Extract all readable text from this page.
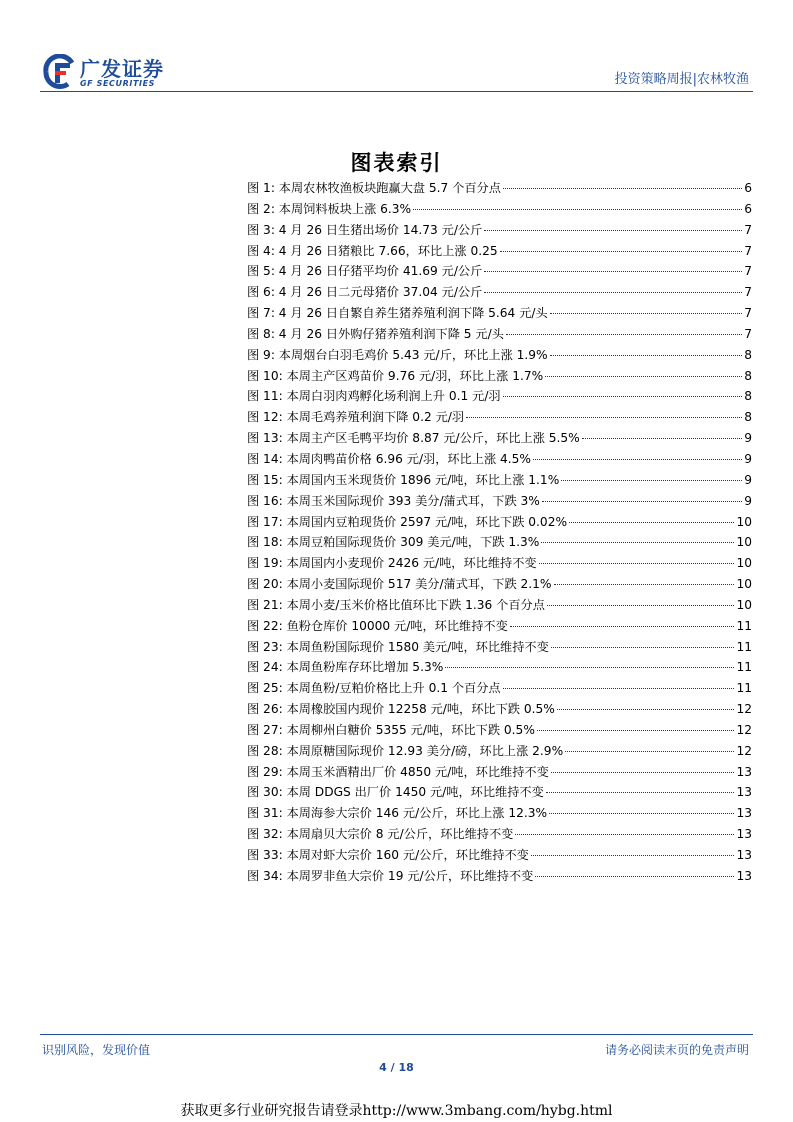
广发证券
GF SECURITIES	投资策略周报|农林牧渔
图表索引
图 1: 本周农林牧渔板块跑赢大盘 5.7 个百分点	6
图 2: 本周饲料板块上涨 6.3%	6
图 3: 4 月 26 日生猪出场价 14.73 元/公斤	7
图 4: 4 月 26 日猪粮比 7.66，环比上涨 0.25	7
图 5: 4 月 26 日仔猪平均价 41.69 元/公斤	7
图 6: 4 月 26 日二元母猪价 37.04 元/公斤	7
图 7: 4 月 26 日自繁自养生猪养殖利润下降 5.64 元/头	7
图 8: 4 月 26 日外购仔猪养殖利润下降 5 元/头	7
图 9: 本周烟台白羽毛鸡价 5.43 元/斤，环比上涨 1.9%	8
图 10: 本周主产区鸡苗价 9.76 元/羽，环比上涨 1.7%	8
图 11: 本周白羽肉鸡孵化场利润上升 0.1 元/羽	8
图 12: 本周毛鸡养殖利润下降 0.2 元/羽	8
图 13: 本周主产区毛鸭平均价 8.87 元/公斤，环比上涨 5.5%	9
图 14: 本周肉鸭苗价格 6.96 元/羽，环比上涨 4.5%	9
图 15: 本周国内玉米现货价 1896 元/吨，环比上涨 1.1%	9
图 16: 本周玉米国际现价 393 美分/蒲式耳，下跌 3%	9
图 17: 本周国内豆粕现货价 2597 元/吨，环比下跌 0.02%	10
图 18: 本周豆粕国际现货价 309 美元/吨，下跌 1.3%	10
图 19: 本周国内小麦现价 2426 元/吨，环比维持不变	10
图 20: 本周小麦国际现价 517 美分/蒲式耳，下跌 2.1%	10
图 21: 本周小麦/玉米价格比值环比下跌 1.36 个百分点	10
图 22: 鱼粉仓库价 10000 元/吨，环比维持不变	11
图 23: 本周鱼粉国际现价 1580 美元/吨，环比维持不变	11
图 24: 本周鱼粉库存环比增加 5.3%	11
图 25: 本周鱼粉/豆粕价格比上升 0.1 个百分点	11
图 26: 本周橡胶国内现价 12258 元/吨，环比下跌 0.5%	12
图 27: 本周柳州白糖价 5355 元/吨，环比下跌 0.5%	12
图 28: 本周原糖国际现价 12.93 美分/磅，环比上涨 2.9%	12
图 29: 本周玉米酒精出厂价 4850 元/吨，环比维持不变	13
图 30: 本周 DDGS 出厂价 1450 元/吨，环比维持不变	13
图 31: 本周海参大宗价 146 元/公斤，环比上涨 12.3%	13
图 32: 本周扇贝大宗价 8 元/公斤，环比维持不变	13
图 33: 本周对虾大宗价 160 元/公斤，环比维持不变	13
图 34: 本周罗非鱼大宗价 19 元/公斤，环比维持不变	13
识别风险，发现价值	请务必阅读末页的免责声明
4 / 18
获取更多行业研究报告请登录http://www.3mbang.com/hybg.html
